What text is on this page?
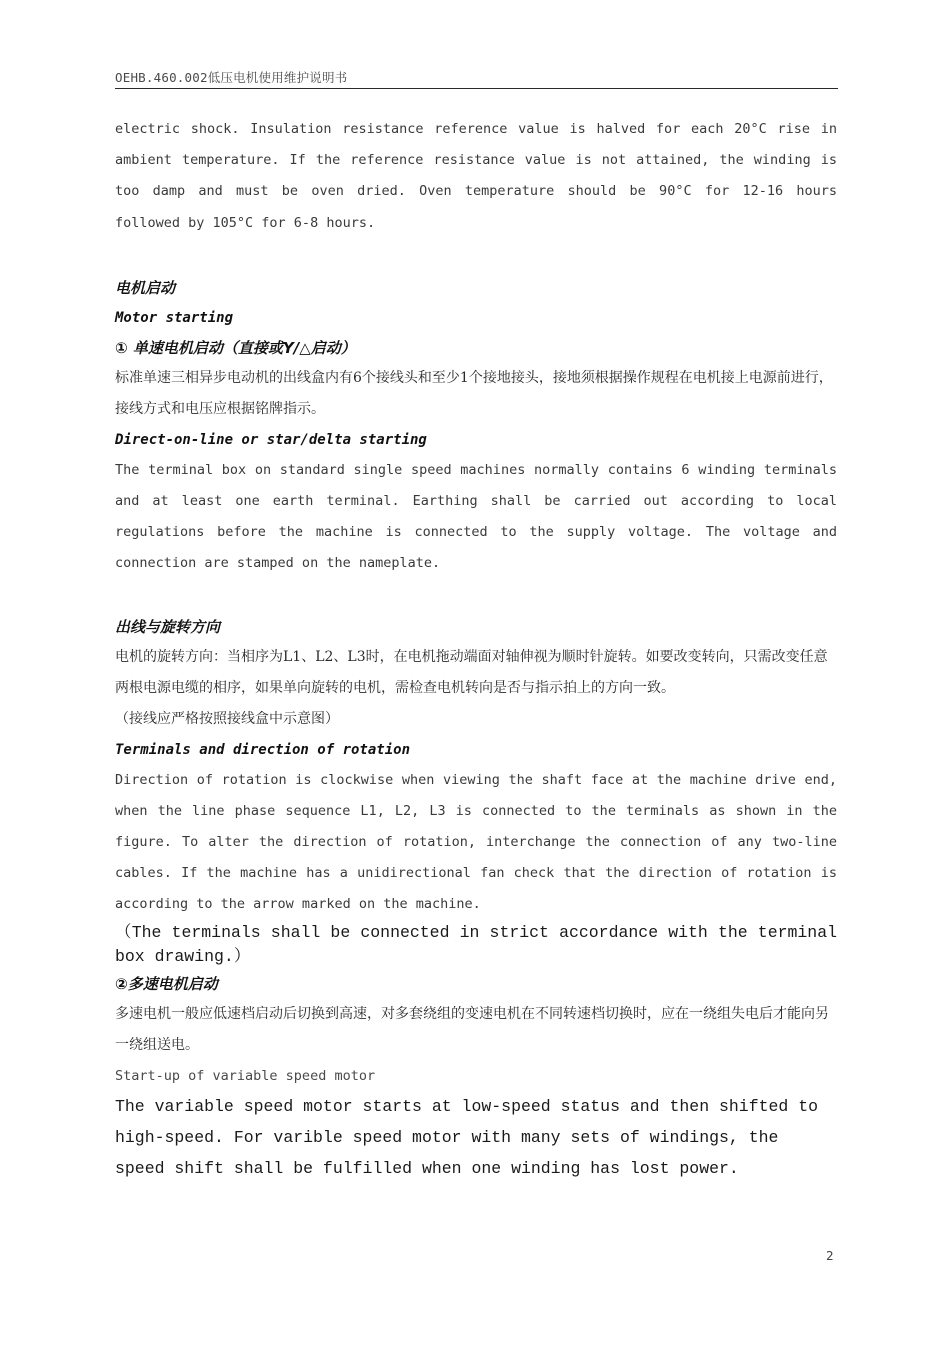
OEHB.460.002低压电机使用维护说明书

electric shock. Insulation resistance reference value is halved for each 20°C rise in ambient temperature. If the reference resistance value is not attained, the winding is too damp and must be oven dried. Oven temperature should be 90°C for 12-16 hours followed by 105°C for 6-8 hours.

电机启动

Motor starting

① 单速电机启动（直接或Y/△启动）

标准单速三相异步电动机的出线盒内有6个接线头和至少1个接地接头，接地须根据操作规程在电机接上电源前进行，接线方式和电压应根据铭牌指示。

Direct-on-line or star/delta starting

The terminal box on standard single speed machines normally contains 6 winding terminals and at least one earth terminal. Earthing shall be carried out according to local regulations before the machine is connected to the supply voltage. The voltage and connection are stamped on the nameplate.

出线与旋转方向

电机的旋转方向：当相序为L1、L2、L3时，在电机拖动端面对轴伸视为顺时针旋转。如要改变转向，只需改变任意两根电源电缆的相序，如果单向旋转的电机，需检查电机转向是否与指示拍上的方向一致。

（接线应严格按照接线盒中示意图）

Terminals and direction of rotation

Direction of rotation is clockwise when viewing the shaft face at the machine drive end, when the line phase sequence L1, L2, L3 is connected to the terminals as shown in the figure. To alter the direction of rotation, interchange the connection of any two-line cables. If the machine has a unidirectional fan check that the direction of rotation is according to the arrow marked on the machine.

（The terminals shall be connected in strict accordance with the terminal box drawing.）

②多速电机启动

多速电机一般应低速档启动后切换到高速，对多套绕组的变速电机在不同转速档切换时，应在一绕组失电后才能向另一绕组送电。

Start-up of variable speed motor

The variable speed motor starts at low-speed status and then shifted to high-speed. For varible speed motor with many sets of windings, the speed shift shall be fulfilled when one winding has lost power.

2
